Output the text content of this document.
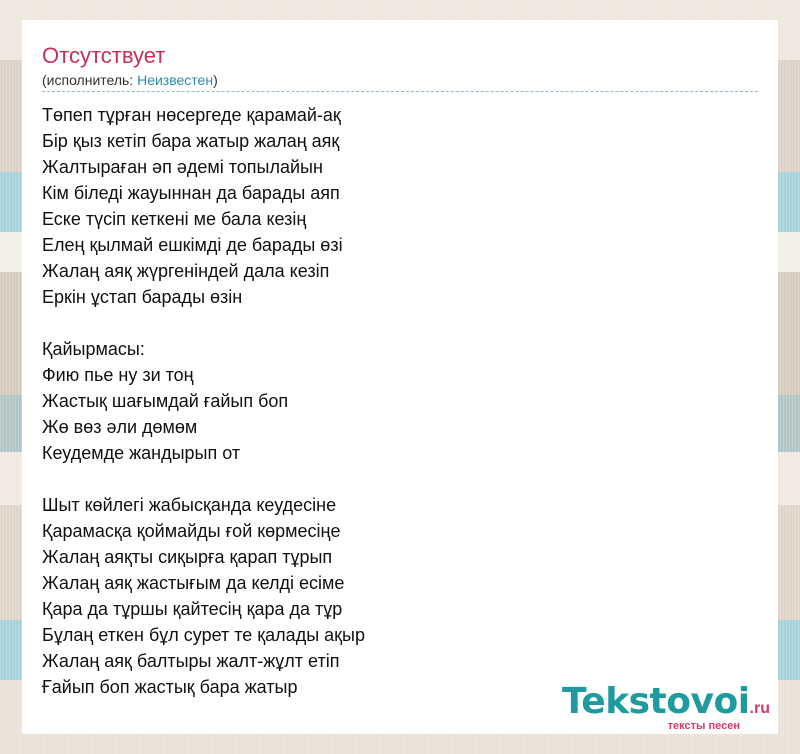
Отсутствует
(исполнитель: Неизвестен)
Төпеп тұрған нөсергеде қарамай-ақ
Бір қыз кетіп бара жатыр жалаң аяқ
Жалтыраған әп әдемі топылайын
Кім біледі жауыннан да барады аяп
Еске түсіп кеткені ме бала кезің
Елең қылмай ешкімді де барады өзі
Жалаң аяқ жүргеніндей дала кезіп
Еркін ұстап барады өзін
Қайырмасы:
Фию пье ну зи тоң
Жастық шағымдай ғайып боп
Жө вөз әли дөмөм
Кеудемде жандырып от
Шыт көйлегі жабысқанда кеудесіне
Қарамасқа қоймайды ғой көрмесіңе
Жалаң аяқты сиқырға қарап тұрып
Жалаң аяқ жастығым да келді есіме
Қара да тұршы қайтесің қара да тұр
Бұлаң еткен бұл сурет те қалады ақыр
Жалаң аяқ балтыры жалт-жұлт етіп
Ғайып боп жастық бара жатыр	Tekstovoi.ru
тексты песен
